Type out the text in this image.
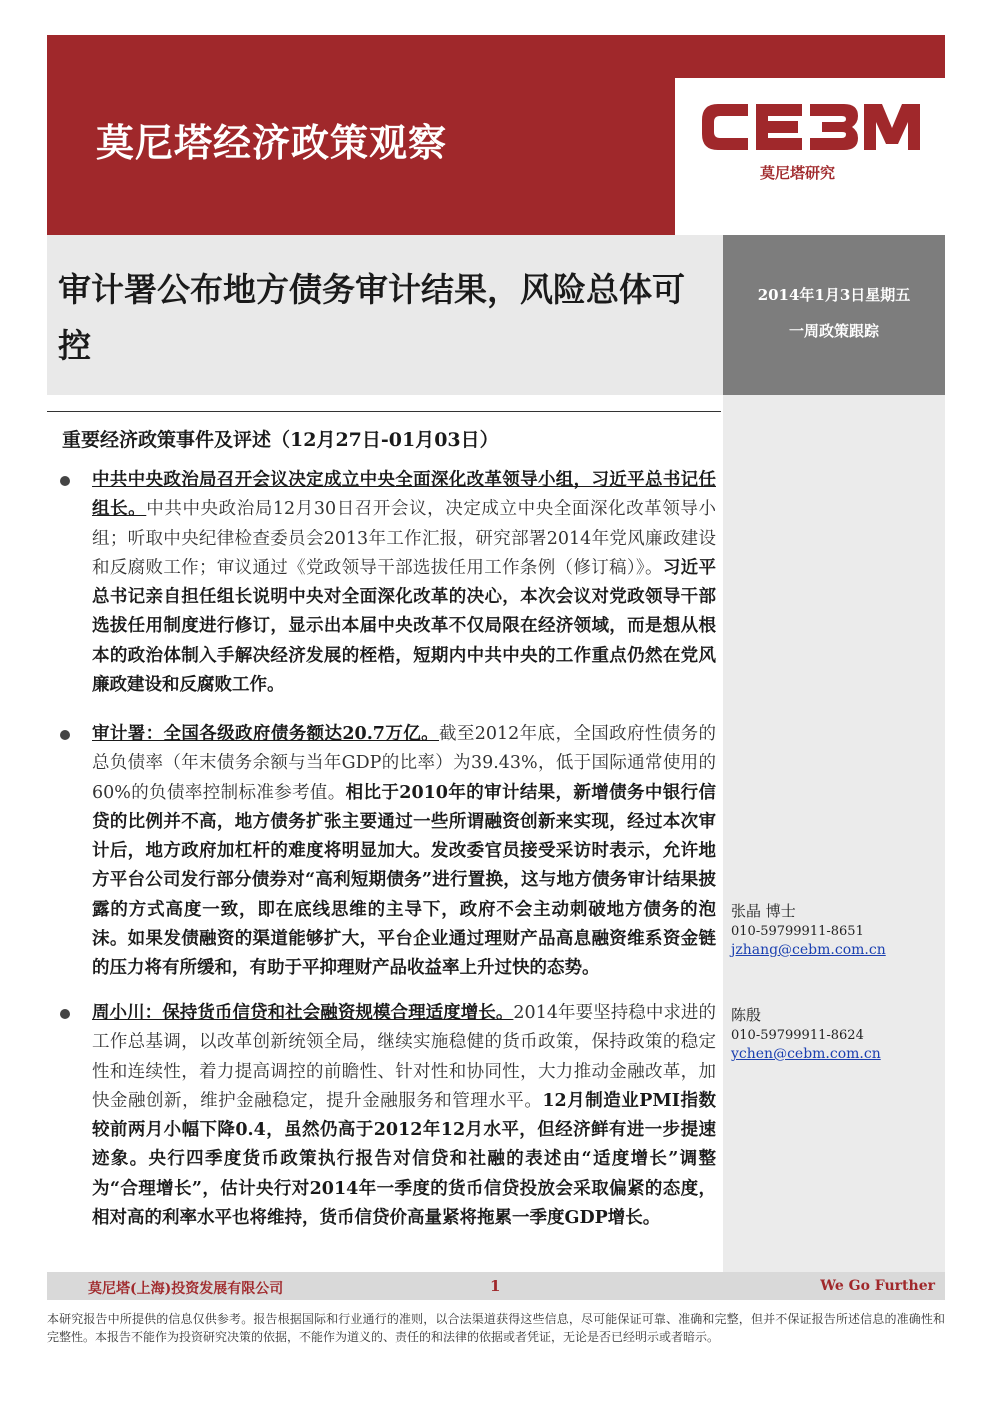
莫尼塔经济政策观察
莫尼塔研究
审计署公布地方债务审计结果，风险总体可控
2014年1月3日星期五
一周政策跟踪
重要经济政策事件及评述（12月27日-01月03日）
中共中央政治局召开会议决定成立中央全面深化改革领导小组，习近平总书记任组长。中共中央政治局12月30日召开会议，决定成立中央全面深化改革领导小组；听取中央纪律检查委员会2013年工作汇报，研究部署2014年党风廉政建设和反腐败工作；审议通过《党政领导干部选拔任用工作条例（修订稿）》。习近平总书记亲自担任组长说明中央对全面深化改革的决心，本次会议对党政领导干部选拔任用制度进行修订，显示出本届中央改革不仅局限在经济领域，而是想从根本的政治体制入手解决经济发展的桎梏，短期内中共中央的工作重点仍然在党风廉政建设和反腐败工作。
审计署：全国各级政府债务额达20.7万亿。截至2012年底，全国政府性债务的总负债率（年末债务余额与当年GDP的比率）为39.43%，低于国际通常使用的60%的负债率控制标准参考值。相比于2010年的审计结果，新增债务中银行信贷的比例并不高，地方债务扩张主要通过一些所谓融资创新来实现，经过本次审计后，地方政府加杠杆的难度将明显加大。发改委官员接受采访时表示，允许地方平台公司发行部分债券对“高利短期债务”进行置换，这与地方债务审计结果披露的方式高度一致，即在底线思维的主导下，政府不会主动刺破地方债务的泡沫。如果发债融资的渠道能够扩大，平台企业通过理财产品高息融资维系资金链的压力将有所缓和，有助于平抑理财产品收益率上升过快的态势。
周小川：保持货币信贷和社会融资规模合理适度增长。2014年要坚持稳中求进的工作总基调，以改革创新统领全局，继续实施稳健的货币政策，保持政策的稳定性和连续性，着力提高调控的前瞻性、针对性和协同性，大力推动金融改革，加快金融创新，维护金融稳定，提升金融服务和管理水平。12月制造业PMI指数较前两月小幅下降0.4，虽然仍高于2012年12月水平，但经济鲜有进一步提速迹象。央行四季度货币政策执行报告对信贷和社融的表述由“适度增长”调整为“合理增长”，估计央行对2014年一季度的货币信贷投放会采取偏紧的态度，相对高的利率水平也将维持，货币信贷价高量紧将拖累一季度GDP增长。
张晶 博士
010-59799911-8651
jzhang@cebm.com.cn
陈殷
010-59799911-8624
ychen@cebm.com.cn
莫尼塔(上海)投资发展有限公司	1	We Go Further
本研究报告中所提供的信息仅供参考。报告根据国际和行业通行的准则，以合法渠道获得这些信息，尽可能保证可靠、准确和完整，但并不保证报告所述信息的准确性和完整性。本报告不能作为投资研究决策的依据，不能作为道义的、责任的和法律的依据或者凭证，无论是否已经明示或者暗示。
